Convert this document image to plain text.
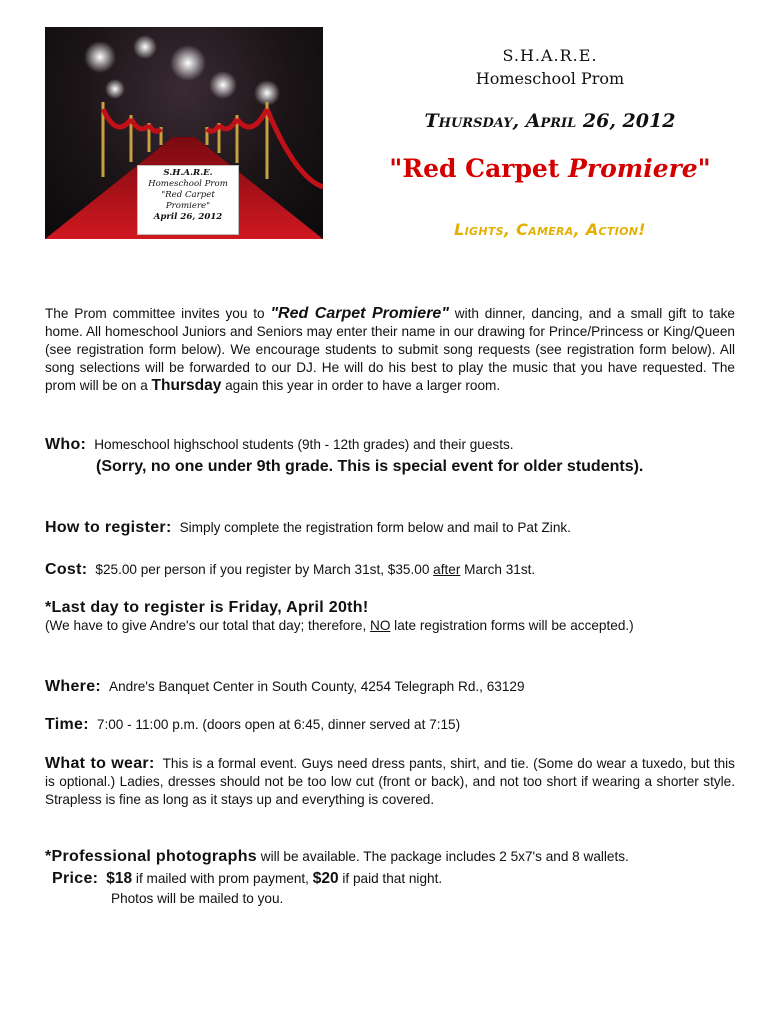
S.H.A.R.E.
Homeschool Prom
"Red Carpet
Promiere"
April 26, 2012
S.H.A.R.E.
Homeschool Prom
Thursday, April 26, 2012
"Red Carpet Promiere"
Lights, Camera, Action!

The Prom committee invites you to "Red Carpet Promiere" with dinner, dancing, and a small gift to take home. All homeschool Juniors and Seniors may enter their name in our drawing for Prince/Princess or King/Queen (see registration form below). We encourage students to submit song requests (see registration form below). All song selections will be forwarded to our DJ. He will do his best to play the music that you have requested. The prom will be on a Thursday again this year in order to have a larger room.

Who: Homeschool highschool students (9th - 12th grades) and their guests.

(Sorry, no one under 9th grade. This is special event for older students).

How to register: Simply complete the registration form below and mail to Pat Zink.

Cost: $25.00 per person if you register by March 31st, $35.00 after March 31st.

*Last day to register is Friday, April 20th!
(We have to give Andre's our total that day; therefore, NO late registration forms will be accepted.)

Where: Andre's Banquet Center in South County, 4254 Telegraph Rd., 63129

Time: 7:00 - 11:00 p.m. (doors open at 6:45, dinner served at 7:15)

What to wear: This is a formal event. Guys need dress pants, shirt, and tie. (Some do wear a tuxedo, but this is optional.) Ladies, dresses should not be too low cut (front or back), and not too short if wearing a shorter style. Strapless is fine as long as it stays up and everything is covered.

*Professional photographs will be available. The package includes 2 5x7's and 8 wallets.

Price: $18 if mailed with prom payment, $20 if paid that night.

Photos will be mailed to you.
